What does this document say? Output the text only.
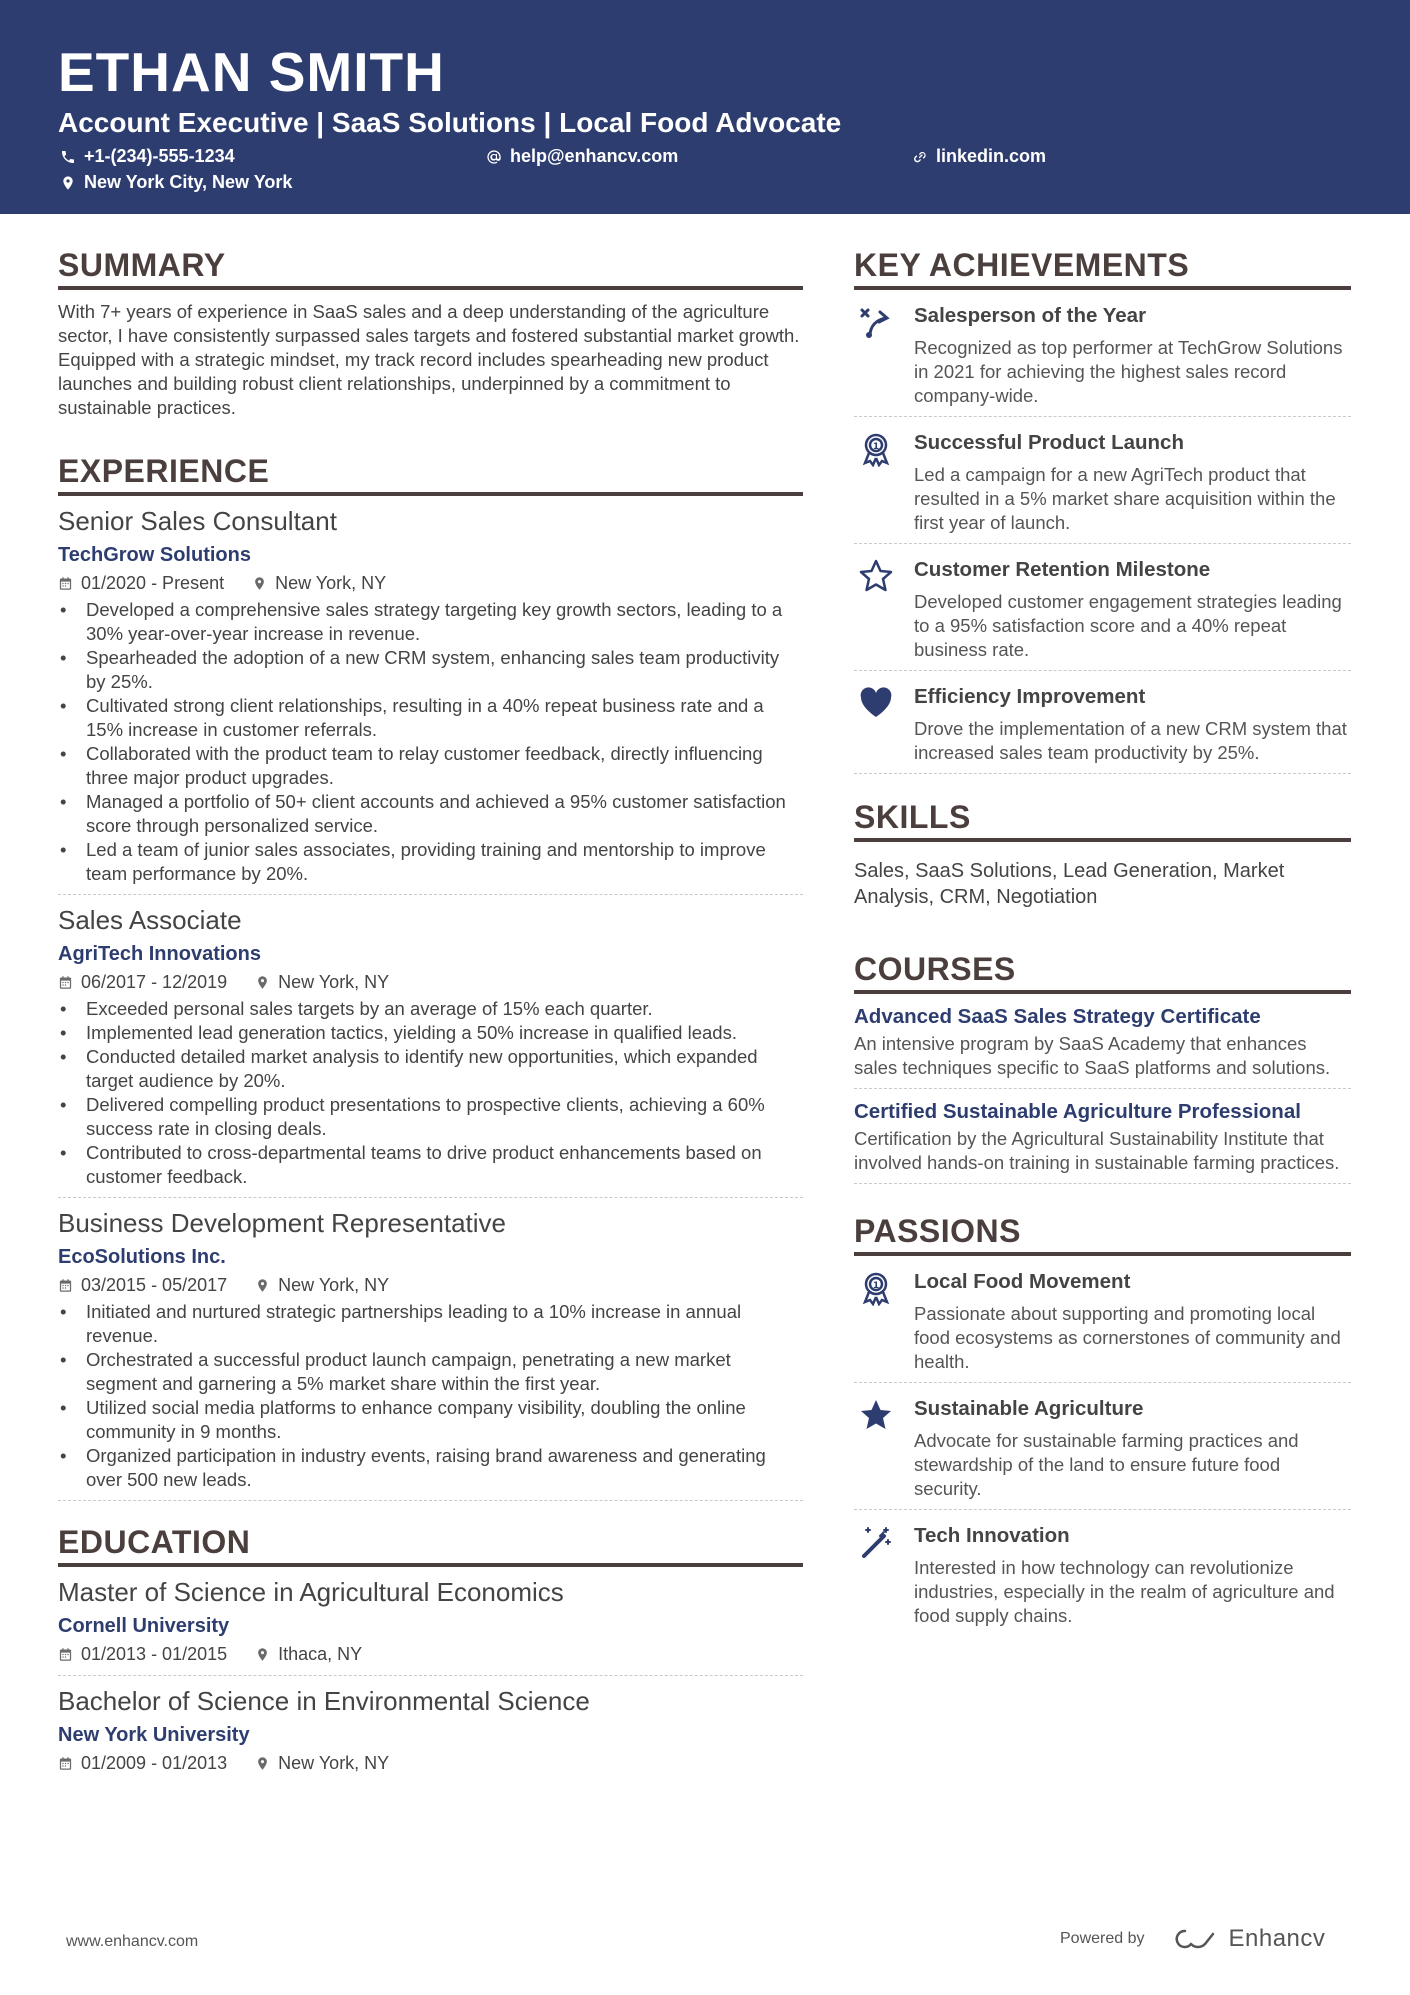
ETHAN SMITH
Account Executive | SaaS Solutions | Local Food Advocate
+1-(234)-555-1234	help@enhancv.com	linkedin.com
New York City, New York
SUMMARY

With 7+ years of experience in SaaS sales and a deep understanding of the agriculture sector, I have consistently surpassed sales targets and fostered substantial market growth. Equipped with a strategic mindset, my track record includes spearheading new product launches and building robust client relationships, underpinned by a commitment to sustainable practices.

EXPERIENCE
Senior Sales Consultant
TechGrow Solutions
01/2020 - Present	New York, NY
• Developed a comprehensive sales strategy targeting key growth sectors, leading to a 30% year-over-year increase in revenue.
• Spearheaded the adoption of a new CRM system, enhancing sales team productivity by 25%.
• Cultivated strong client relationships, resulting in a 40% repeat business rate and a 15% increase in customer referrals.
• Collaborated with the product team to relay customer feedback, directly influencing three major product upgrades.
• Managed a portfolio of 50+ client accounts and achieved a 95% customer satisfaction score through personalized service.
• Led a team of junior sales associates, providing training and mentorship to improve team performance by 20%.
Sales Associate
AgriTech Innovations
06/2017 - 12/2019	New York, NY
• Exceeded personal sales targets by an average of 15% each quarter.
• Implemented lead generation tactics, yielding a 50% increase in qualified leads.
• Conducted detailed market analysis to identify new opportunities, which expanded target audience by 20%.
• Delivered compelling product presentations to prospective clients, achieving a 60% success rate in closing deals.
• Contributed to cross-departmental teams to drive product enhancements based on customer feedback.
Business Development Representative
EcoSolutions Inc.
03/2015 - 05/2017	New York, NY
• Initiated and nurtured strategic partnerships leading to a 10% increase in annual revenue.
• Orchestrated a successful product launch campaign, penetrating a new market segment and garnering a 5% market share within the first year.
• Utilized social media platforms to enhance company visibility, doubling the online community in 9 months.
• Organized participation in industry events, raising brand awareness and generating over 500 new leads.
EDUCATION
Master of Science in Agricultural Economics
Cornell University
01/2013 - 01/2015	Ithaca, NY
Bachelor of Science in Environmental Science
New York University
01/2009 - 01/2013	New York, NY
KEY ACHIEVEMENTS
Salesperson of the Year
Recognized as top performer at TechGrow Solutions in 2021 for achieving the highest sales record company-wide.
1 Successful Product Launch
Led a campaign for a new AgriTech product that resulted in a 5% market share acquisition within the first year of launch.
Customer Retention Milestone
Developed customer engagement strategies leading to a 95% satisfaction score and a 40% repeat business rate.
Efficiency Improvement
Drove the implementation of a new CRM system that increased sales team productivity by 25%.
SKILLS

Sales, SaaS Solutions, Lead Generation, Market Analysis, CRM, Negotiation

COURSES
Advanced SaaS Sales Strategy Certificate
An intensive program by SaaS Academy that enhances sales techniques specific to SaaS platforms and solutions.
Certified Sustainable Agriculture Professional
Certification by the Agricultural Sustainability Institute that involved hands-on training in sustainable farming practices.
PASSIONS
1 Local Food Movement
Passionate about supporting and promoting local food ecosystems as cornerstones of community and health.
Sustainable Agriculture
Advocate for sustainable farming practices and stewardship of the land to ensure future food security.
Tech Innovation
Interested in how technology can revolutionize industries, especially in the realm of agriculture and food supply chains.
www.enhancv.com	Powered by	Enhancv
